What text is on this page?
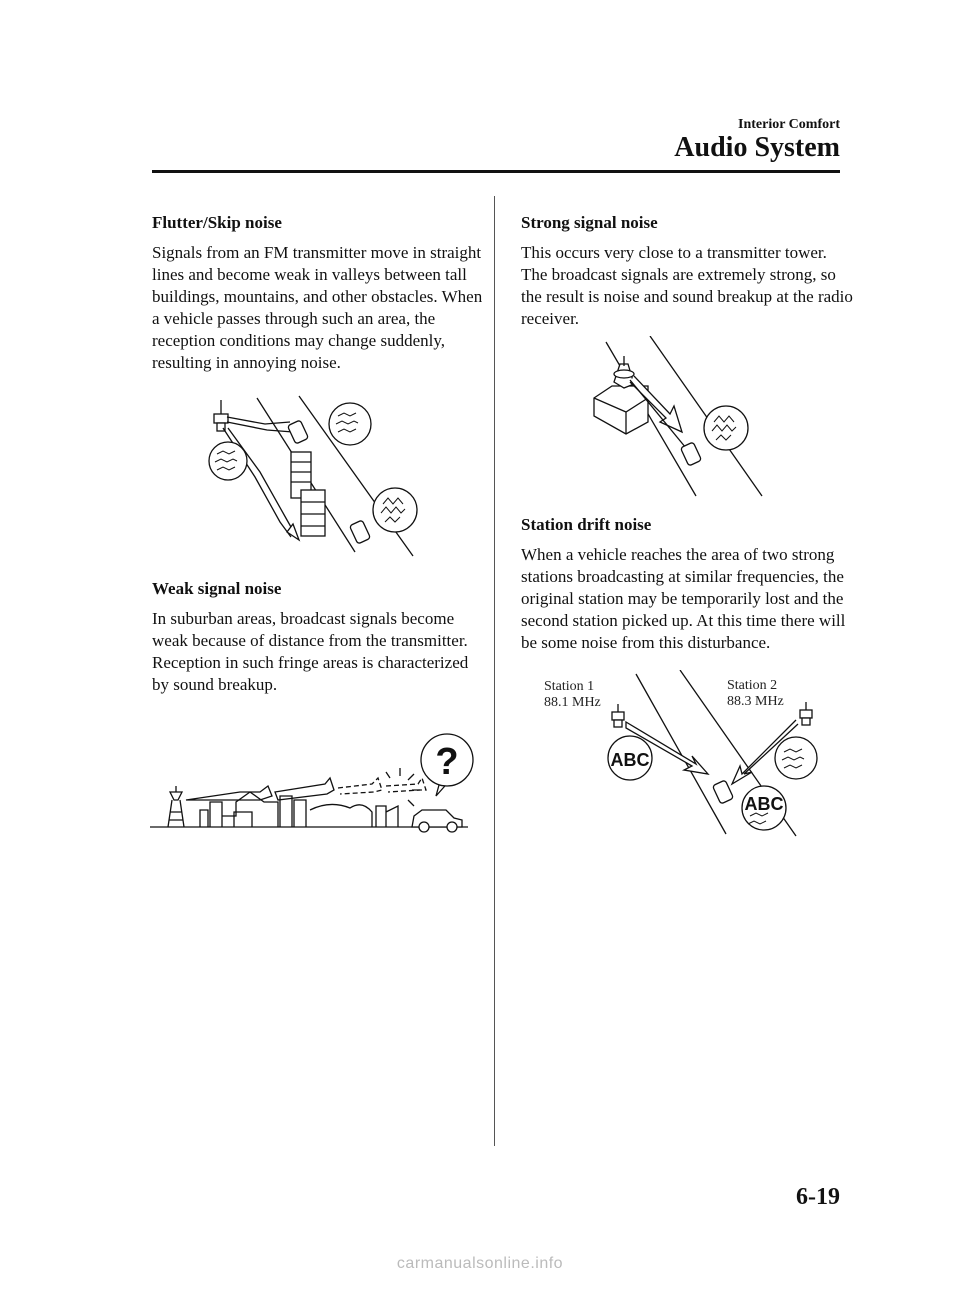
Interior Comfort
Audio System
Flutter/Skip noise

Signals from an FM transmitter move in straight lines and become weak in valleys between tall buildings, mountains, and other obstacles. When a vehicle passes through such an area, the reception conditions may change suddenly, resulting in annoying noise.

Weak signal noise

In suburban areas, broadcast signals become weak because of distance from the transmitter. Reception in such fringe areas is characterized by sound breakup.

?
Strong signal noise

This occurs very close to a transmitter tower. The broadcast signals are extremely strong, so the result is noise and sound breakup at the radio receiver.

Station drift noise

When a vehicle reaches the area of two strong stations broadcasting at similar frequencies, the original station may be temporarily lost and the second station picked up. At this time there will be some noise from this disturbance.

Station 1
88.1 MHz
Station 2
88.3 MHz
ABC
ABC
6-19
carmanualsonline.info
